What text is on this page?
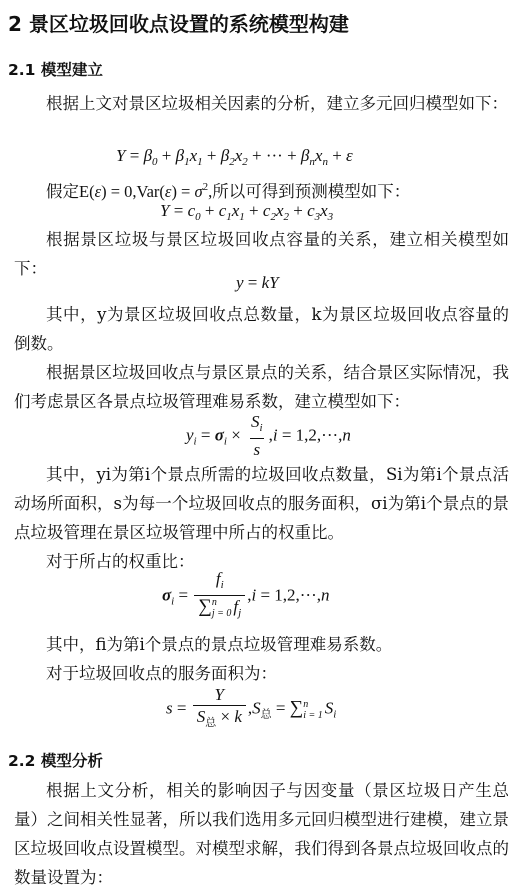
2 景区垃圾回收点设置的系统模型构建
2.1 模型建立

根据上文对景区垃圾相关因素的分析，建立多元回归模型如下：

$Y = \beta_0 + \beta_1x_1 + \beta_2x_2$ + ··· + $\beta_nx_n + \varepsilon$
假定$E(\varepsilon) = 0,Var(\varepsilon) = \sigma^2$,所以可得到预测模型如下：
$Y = c_0 + c_1x_1 + c_2x_2 + c_3x_3$

根据景区垃圾与景区垃圾回收点容量的关系，建立相关模型如下：

y = kY

其中，y为景区垃圾回收点总数量，k为景区垃圾回收点容量的倒数。

根据景区垃圾回收点与景区景点的关系，结合景区实际情况，我们考虑景区各景点垃圾管理难易系数，建立模型如下：

$y_i = \sigma_i \times \frac{S_i}{s} ,i = 1,2,\cdot\cdot\cdot,n$

其中，yi为第i个景点所需的垃圾回收点数量，Si为第i个景点活动场所面积，s为每一个垃圾回收点的服务面积，σi为第i个景点的景点垃圾管理在景区垃圾管理中所占的权重比。

对于所占的权重比：

$\sigma_i = f_i$
∑ n
j = 0 $f_j$ ,i = 1,2,···,n

其中，fi为第i个景点的景点垃圾管理难易系数。

对于垃圾回收点的服务面积为：

$s = \frac{Y}{S_总 \times k} ,S_总$ = ∑ n
i = 1 $S_i$
2.2 模型分析

根据上文分析，相关的影响因子与因变量（景区垃圾日产生总量）之间相关性显著，所以我们选用多元回归模型进行建模，建立景区垃圾回收点设置模型。对模型求解，我们得到各景点垃圾回收点的数量设置为：
